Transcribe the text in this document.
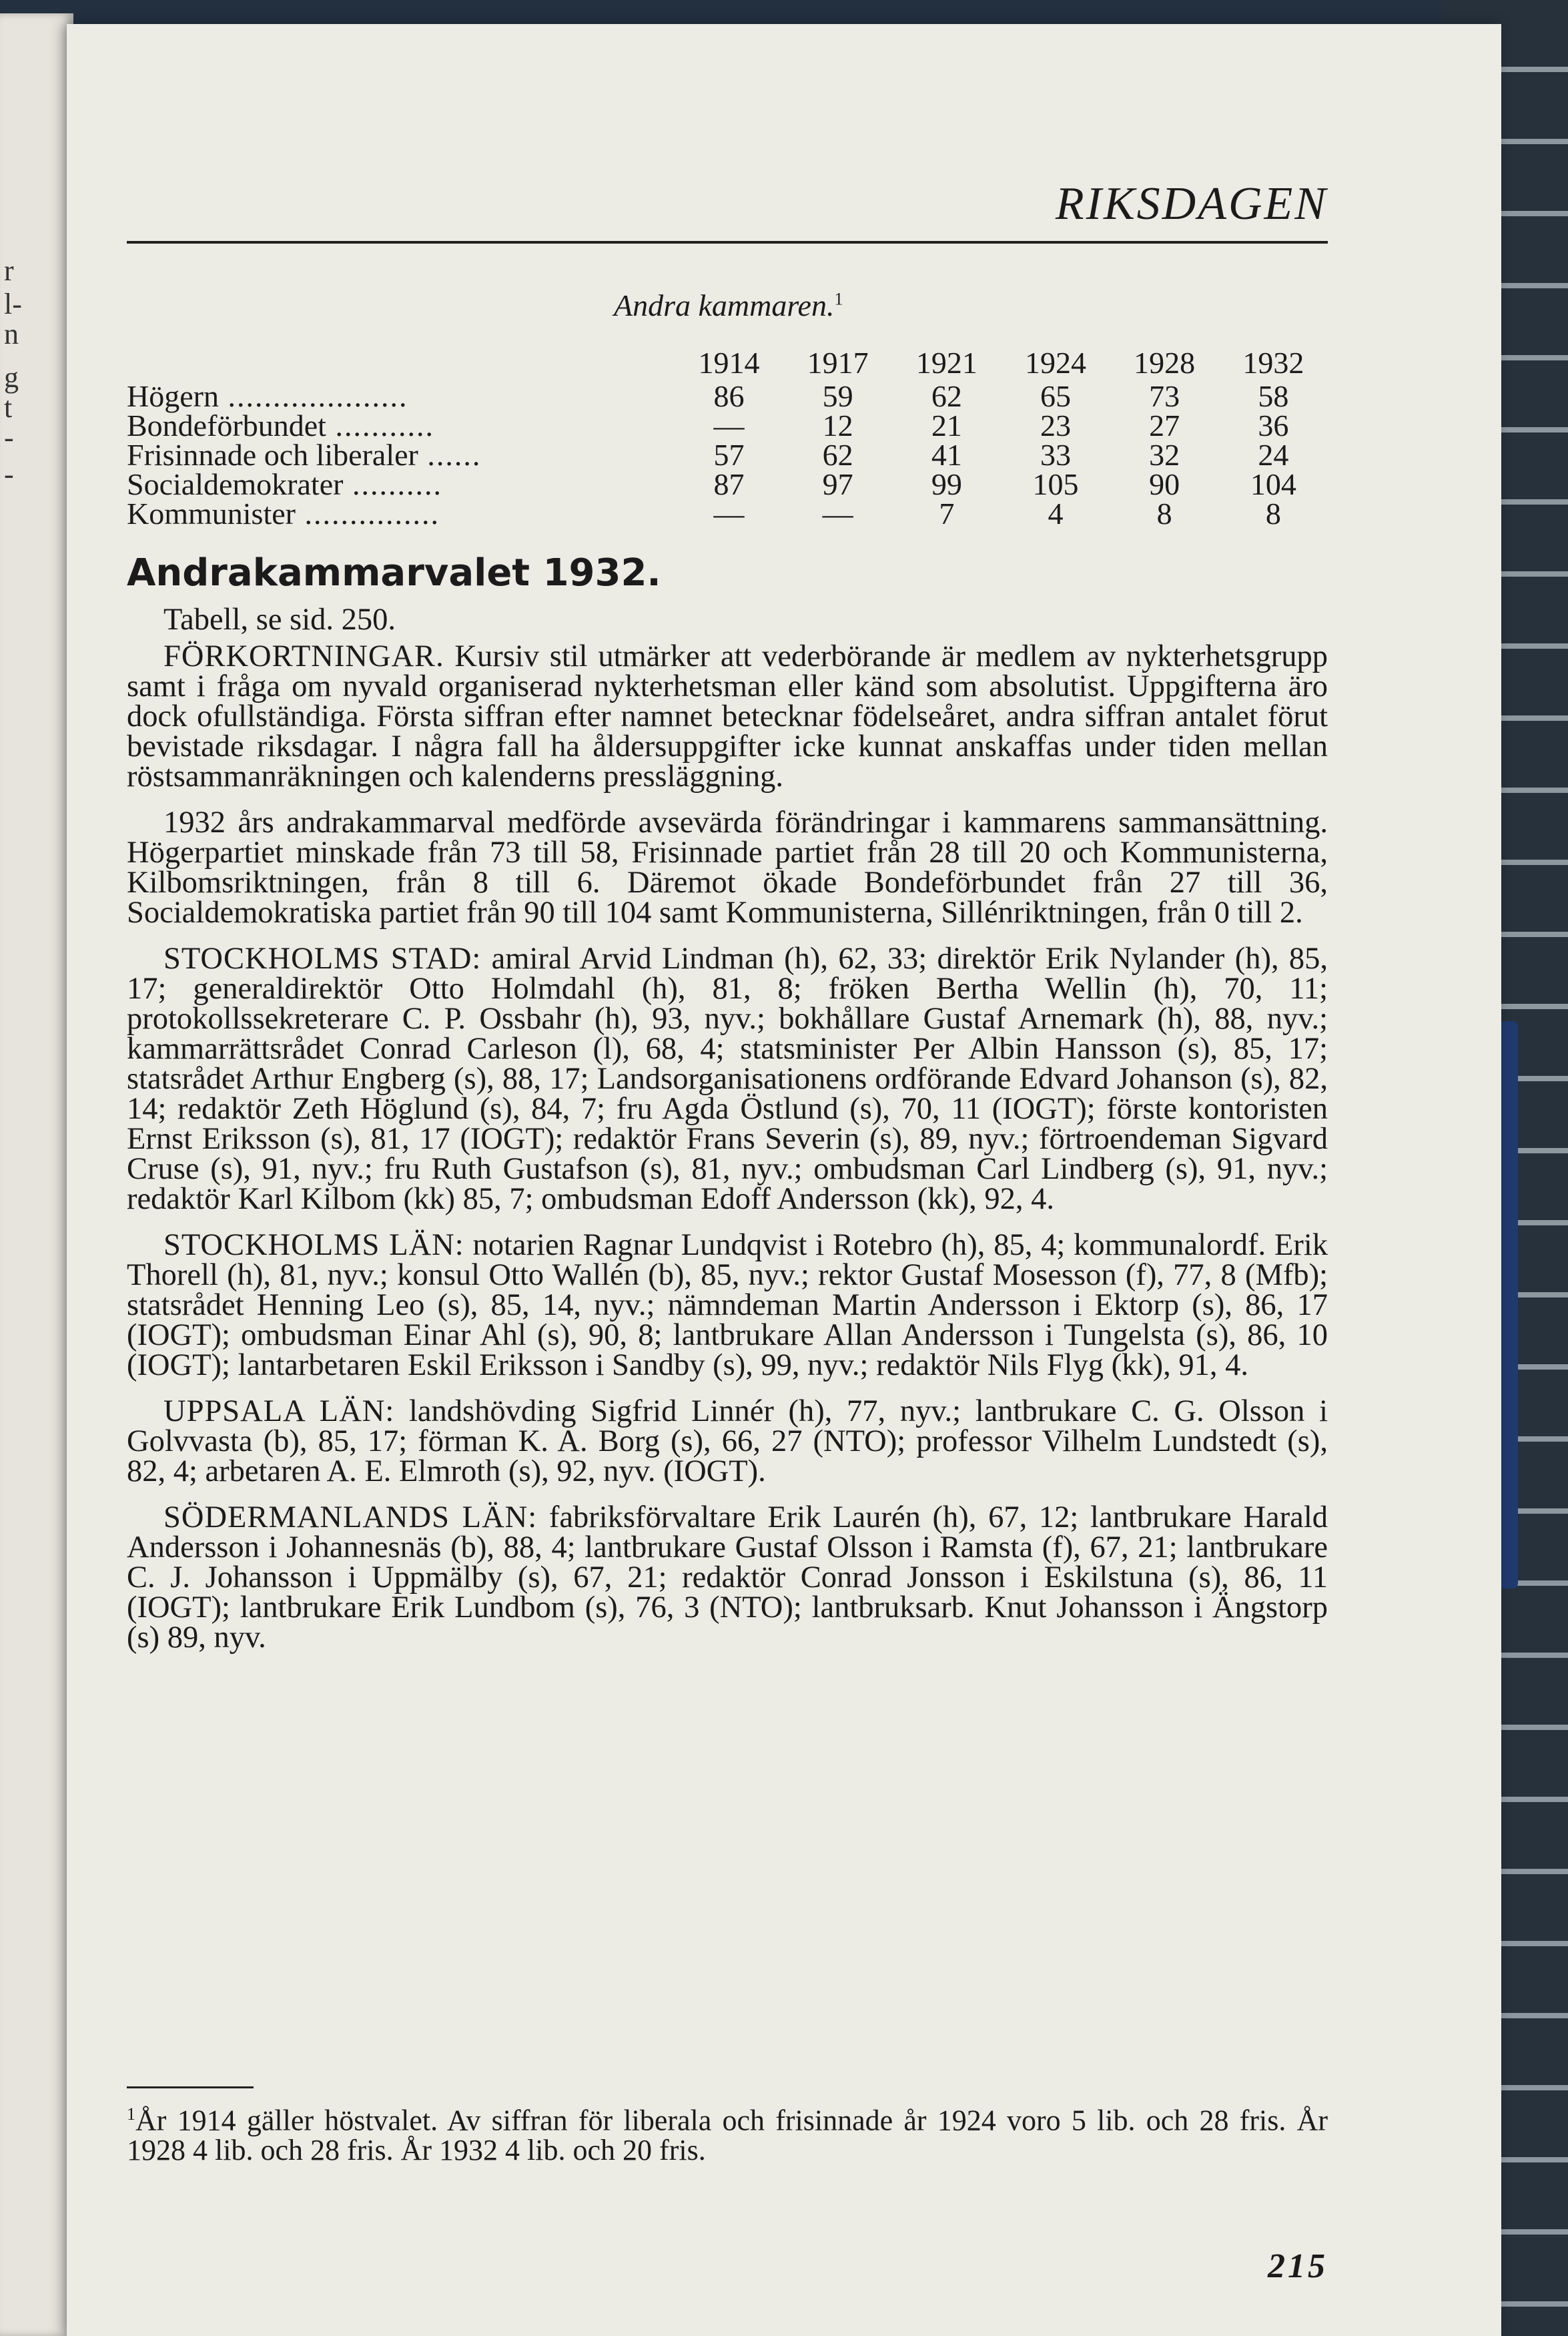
r
l-
n
g
t
-
-
RIKSDAGEN
Andra kammaren.$^1$
	1914	1917	1921	1924	1928	1932
Högern ....................	86	59	62	65	73	58
Bondeförbundet ...........	—	12	21	23	27	36
Frisinnade och liberaler ......	57	62	41	33	32	24
Socialdemokrater ..........	87	97	99	105	90	104
Kommunister ...............	—	—	7	4	8	8
Andrakammarvalet 1932.

Tabell, se sid. 250.

FÖRKORTNINGAR. Kursiv stil utmärker att vederbörande är medlem av nykterhetsgrupp samt i fråga om nyvald organiserad nykterhetsman eller känd som absolutist. Uppgifterna äro dock ofullständiga. Första siffran efter namnet betecknar födelseåret, andra siffran antalet förut bevistade riksdagar. I några fall ha åldersuppgifter icke kunnat anskaffas under tiden mellan röstsammanräkningen och kalenderns pressläggning.

1932 års andrakammarval medförde avsevärda förändringar i kammarens sammansättning. Högerpartiet minskade från 73 till 58, Frisinnade partiet från 28 till 20 och Kommunisterna, Kilbomsriktningen, från 8 till 6. Däremot ökade Bondeförbundet från 27 till 36, Socialdemokratiska partiet från 90 till 104 samt Kommunisterna, Sillénriktningen, från 0 till 2.

STOCKHOLMS STAD: amiral Arvid Lindman (h), 62, 33; direktör Erik Nylander (h), 85, 17; generaldirektör Otto Holmdahl (h), 81, 8; fröken Bertha Wellin (h), 70, 11; protokollssekreterare C. P. Ossbahr (h), 93, nyv.; bokhållare Gustaf Arnemark (h), 88, nyv.; kammarrättsrådet Conrad Carleson (l), 68, 4; statsminister Per Albin Hansson (s), 85, 17; statsrådet Arthur Engberg (s), 88, 17; Landsorganisationens ordförande Edvard Johanson (s), 82, 14; redaktör Zeth Höglund (s), 84, 7; fru Agda Östlund (s), 70, 11 (IOGT); förste kontoristen Ernst Eriksson (s), 81, 17 (IOGT); redaktör Frans Severin (s), 89, nyv.; förtroendeman Sigvard Cruse (s), 91, nyv.; fru Ruth Gustafson (s), 81, nyv.; ombudsman Carl Lindberg (s), 91, nyv.; redaktör Karl Kilbom (kk) 85, 7; ombudsman Edoff Andersson (kk), 92, 4.

STOCKHOLMS LÄN: notarien Ragnar Lundqvist i Rotebro (h), 85, 4; kommunalordf. Erik Thorell (h), 81, nyv.; konsul Otto Wallén (b), 85, nyv.; rektor Gustaf Mosesson (f), 77, 8 (Mfb); statsrådet Henning Leo (s), 85, 14, nyv.; nämndeman Martin Andersson i Ektorp (s), 86, 17 (IOGT); ombudsman Einar Ahl (s), 90, 8; lantbrukare Allan Andersson i Tungelsta (s), 86, 10 (IOGT); lantarbetaren Eskil Eriksson i Sandby (s), 99, nyv.; redaktör Nils Flyg (kk), 91, 4.

UPPSALA LÄN: landshövding Sigfrid Linnér (h), 77, nyv.; lantbrukare C. G. Olsson i Golvvasta (b), 85, 17; förman K. A. Borg (s), 66, 27 (NTO); professor Vilhelm Lundstedt (s), 82, 4; arbetaren A. E. Elmroth (s), 92, nyv. (IOGT).

SÖDERMANLANDS LÄN: fabriksförvaltare Erik Laurén (h), 67, 12; lantbrukare Harald Andersson i Johannesnäs (b), 88, 4; lantbrukare Gustaf Olsson i Ramsta (f), 67, 21; lantbrukare C. J. Johansson i Uppmälby (s), 67, 21; redaktör Conrad Jonsson i Eskilstuna (s), 86, 11 (IOGT); lantbrukare Erik Lundbom (s), 76, 3 (NTO); lantbruksarb. Knut Johansson i Ängstorp (s) 89, nyv.

$^1$År 1914 gäller höstvalet. Av siffran för liberala och frisinnade år 1924 voro 5 lib. och 28 fris. År 1928 4 lib. och 28 fris. År 1932 4 lib. och 20 fris.
215
